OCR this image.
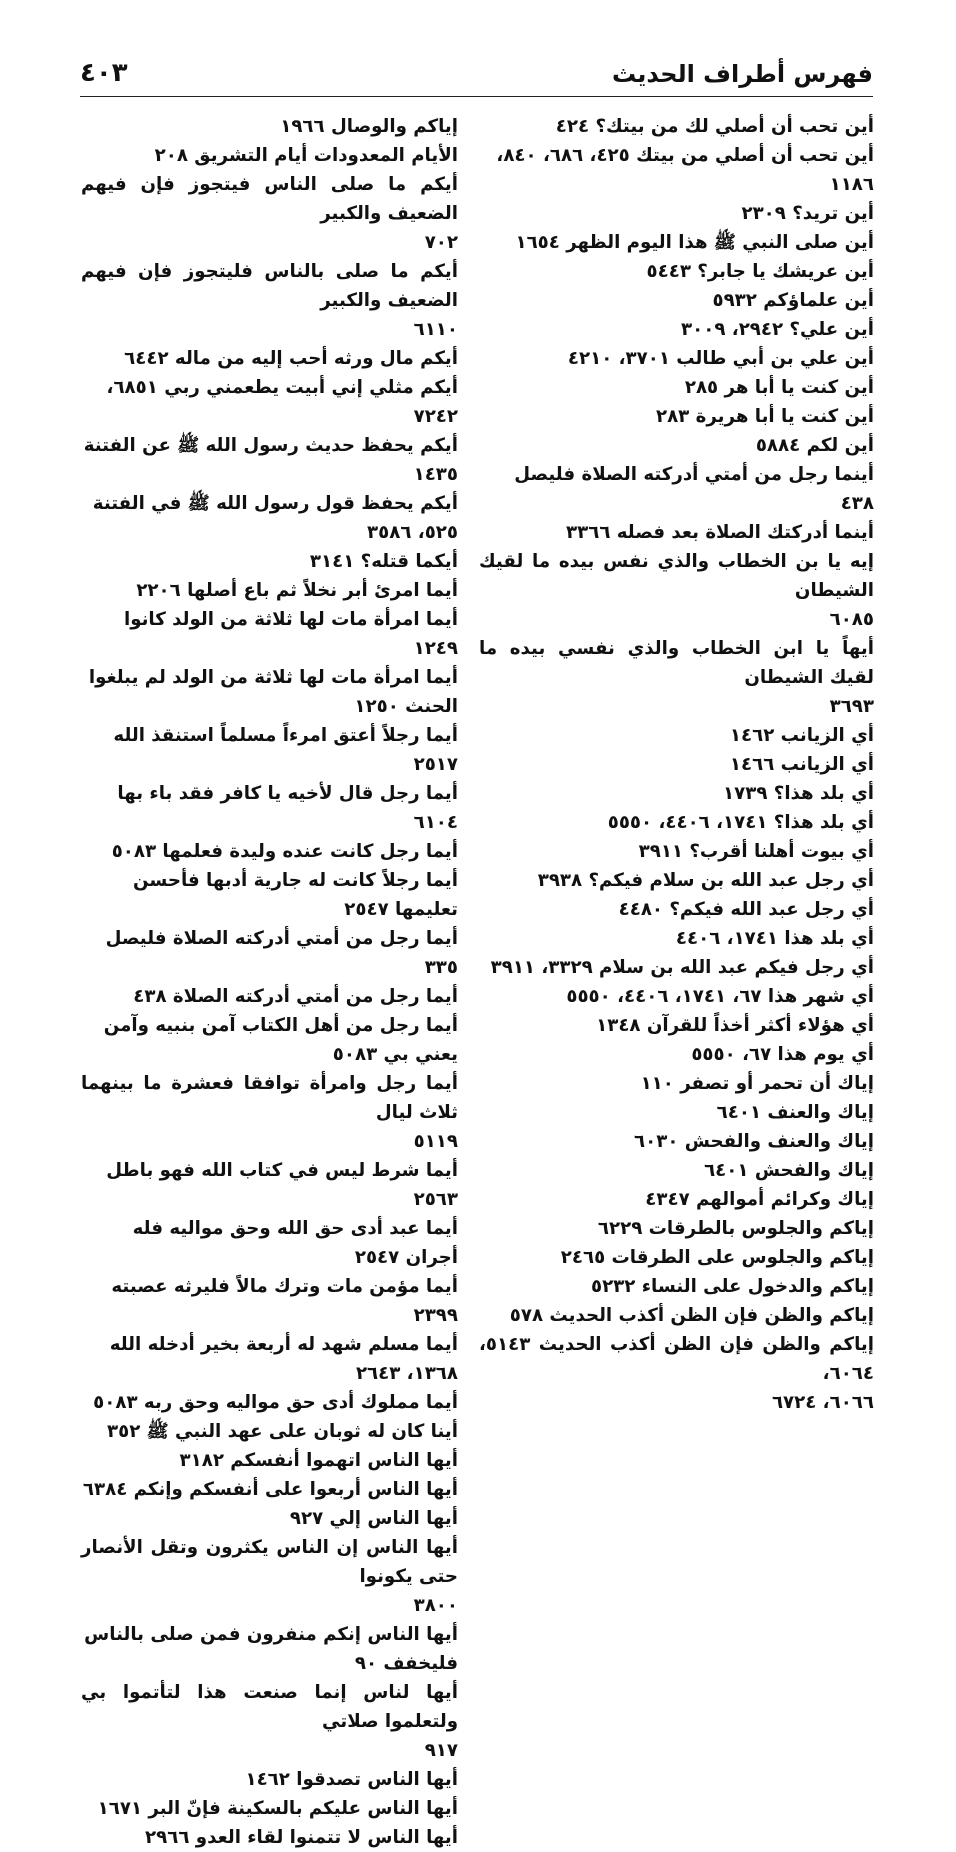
فهرس أطراف الحديث
٤٠٣
أين تحب أن أصلي لك من بيتك؟ ٤٢٤
أين تحب أن أصلي من بيتك ٤٢٥، ٦٨٦، ٨٤٠، ١١٨٦
أين تريد؟ ٢٣٠٩
أين صلى النبي ﷺ هذا اليوم الظهر ١٦٥٤
أين عريشك يا جابر؟ ٥٤٤٣
أين علماؤكم ٥٩٣٢
أين علي؟ ٢٩٤٢، ٣٠٠٩
أين علي بن أبي طالب ٣٧٠١، ٤٢١٠
أين كنت يا أبا هر ٢٨٥
أين كنت يا أبا هريرة ٢٨٣
أين لكم ٥٨٨٤
أينما رجل من أمتي أدركته الصلاة فليصل ٤٣٨
أينما أدركتك الصلاة بعد فصله ٣٣٦٦
إيه يا بن الخطاب والذي نفس بيده ما لقيك الشيطان
٦٠٨٥
أيهاً يا ابن الخطاب والذي نفسي بيده ما لقيك الشيطان
٣٦٩٣
أي الزيانب ١٤٦٢
أي الزيانب ١٤٦٦
أي بلد هذا؟ ١٧٣٩
أي بلد هذا؟ ١٧٤١، ٤٤٠٦، ٥٥٥٠
أي بيوت أهلنا أقرب؟ ٣٩١١
أي رجل عبد الله بن سلام فيكم؟ ٣٩٣٨
أي رجل عبد الله فيكم؟ ٤٤٨٠
أي بلد هذا ١٧٤١، ٤٤٠٦
أي رجل فيكم عبد الله بن سلام ٣٣٢٩، ٣٩١١
أي شهر هذا ٦٧، ١٧٤١، ٤٤٠٦، ٥٥٥٠
أي هؤلاء أكثر أخذاً للقرآن ١٣٤٨
أي يوم هذا ٦٧، ٥٥٥٠
إياك أن تحمر أو تصفر ١١٠
إياك والعنف ٦٤٠١
إياك والعنف والفحش ٦٠٣٠
إياك والفحش ٦٤٠١
إياك وكرائم أموالهم ٤٣٤٧
إياكم والجلوس بالطرقات ٦٢٢٩
إياكم والجلوس على الطرقات ٢٤٦٥
إياكم والدخول على النساء ٥٢٣٢
إياكم والظن فإن الظن أكذب الحديث ٥٧٨
إياكم والظن فإن الظن أكذب الحديث ٥١٤٣، ٦٠٦٤،
٦٠٦٦، ٦٧٢٤
إياكم والوصال ١٩٦٦
الأيام المعدودات أيام التشريق ٢٠٨
أيكم ما صلى الناس فيتجوز فإن فيهم الضعيف والكبير
٧٠٢
أيكم ما صلى بالناس فليتجوز فإن فيهم الضعيف والكبير
٦١١٠
أيكم مال ورثه أحب إليه من ماله ٦٤٤٢
أيكم مثلي إني أبيت يطعمني ربي ٦٨٥١، ٧٢٤٢
أيكم يحفظ حديث رسول الله ﷺ عن الفتنة ١٤٣٥
أيكم يحفظ قول رسول الله ﷺ في الفتنة ٥٢٥، ٣٥٨٦
أيكما قتله؟ ٣١٤١
أيما امرئ أبر نخلاً ثم باع أصلها ٢٢٠٦
أيما امرأة مات لها ثلاثة من الولد كانوا ١٢٤٩
أيما امرأة مات لها ثلاثة من الولد لم يبلغوا الحنث ١٢٥٠
أيما رجلاً أعتق امرءاً مسلماً استنقذ الله ٢٥١٧
أيما رجل قال لأخيه يا كافر فقد باء بها ٦١٠٤
أيما رجل كانت عنده وليدة فعلمها ٥٠٨٣
أيما رجلاً كانت له جارية أدبها فأحسن تعليمها ٢٥٤٧
أيما رجل من أمتي أدركته الصلاة فليصل ٣٣٥
أيما رجل من أمتي أدركته الصلاة ٤٣٨
أيما رجل من أهل الكتاب آمن بنبيه وآمن يعني بي ٥٠٨٣
أيما رجل وامرأة توافقا فعشرة ما بينهما ثلاث ليال
٥١١٩
أيما شرط ليس في كتاب الله فهو باطل ٢٥٦٣
أيما عبد أدى حق الله وحق مواليه فله أجران ٢٥٤٧
أيما مؤمن مات وترك مالاً فليرثه عصبته ٢٣٩٩
أيما مسلم شهد له أربعة بخير أدخله الله ١٣٦٨، ٢٦٤٣
أيما مملوك أدى حق مواليه وحق ربه ٥٠٨٣
أينا كان له ثوبان على عهد النبي ﷺ ٣٥٢
أيها الناس اتهموا أنفسكم ٣١٨٢
أيها الناس أربعوا على أنفسكم وإنكم ٦٣٨٤
أيها الناس إلي ٩٢٧
أيها الناس إن الناس يكثرون وتقل الأنصار حتى يكونوا
٣٨٠٠
أيها الناس إنكم منفرون فمن صلى بالناس فليخفف ٩٠
أيها لناس إنما صنعت هذا لتأتموا بي ولتعلموا صلاتي
٩١٧
أيها الناس تصدقوا ١٤٦٢
أيها الناس عليكم بالسكينة فإنّ البر ١٦٧١
أيها الناس لا تتمنوا لقاء العدو ٢٩٦٦
